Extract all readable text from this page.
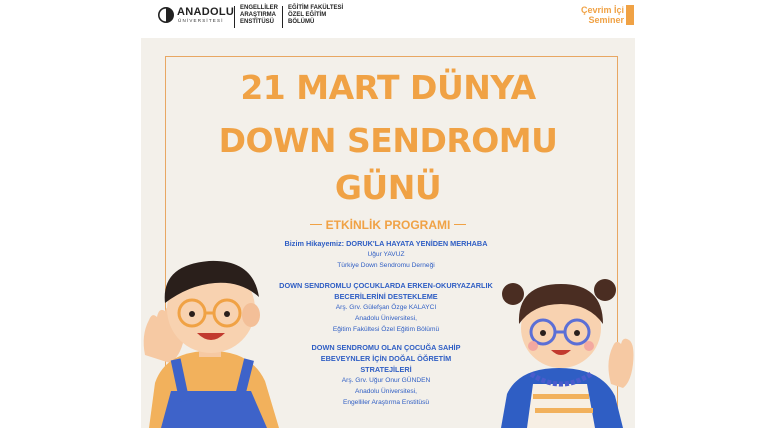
ANADOLU
ÜNİVERSİTESİ
ENGELLİLER
ARAŞTIRMA
ENSTİTÜSÜ
EĞİTİM FAKÜLTESİ
ÖZEL EĞİTİM
BÖLÜMÜ
Çevrim İçi
Seminer
21 MART DÜNYA
DOWN SENDROMU
GÜNÜ
ETKİNLİK PROGRAMI
Bizim Hikayemiz: DORUK'LA HAYATA YENİDEN MERHABA
Uğur YAVUZ
Türkiye Down Sendromu Derneği
DOWN SENDROMLU ÇOCUKLARDA ERKEN-OKURYAZARLIK
BECERİLERİNİ DESTEKLEME
Arş. Grv. Gülefşan Özge KALAYCI
Anadolu Üniversitesi,
Eğitim Fakültesi Özel Eğitim Bölümü
DOWN SENDROMU OLAN ÇOCUĞA SAHİP
EBEVEYNLER İÇİN DOĞAL ÖĞRETİM
STRATEJİLERİ
Arş. Grv. Uğur Onur GÜNDEN
Anadolu Üniversitesi,
Engelliler Araştırma Enstitüsü
